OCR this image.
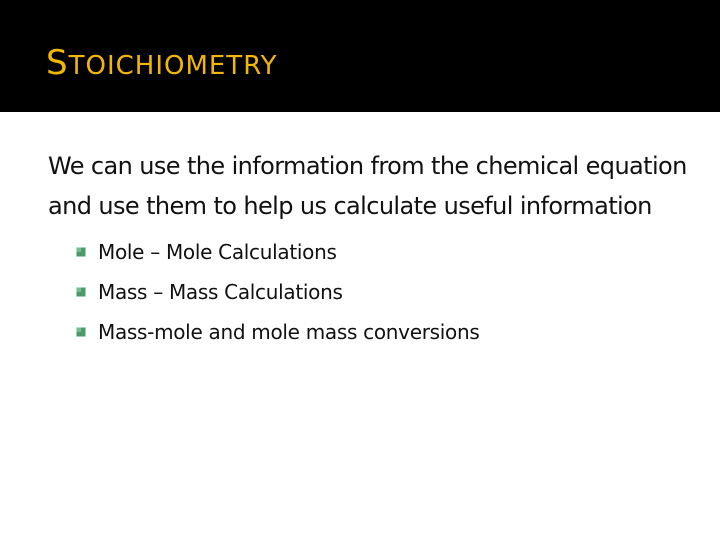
STOICHIOMETRY

We can use the information from the chemical equation and use them to help us calculate useful information

Mole – Mole Calculations
Mass – Mass Calculations
Mass-mole and mole mass conversions
